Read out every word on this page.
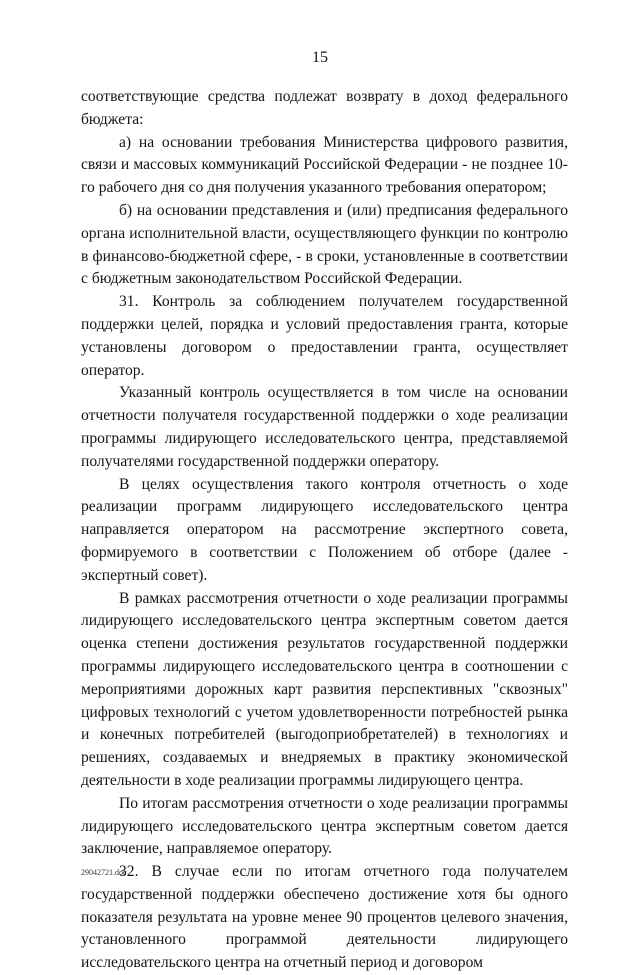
15

соответствующие средства подлежат возврату в доход федерального бюджета:

а) на основании требования Министерства цифрового развития, связи и массовых коммуникаций Российской Федерации - не позднее 10-го рабочего дня со дня получения указанного требования оператором;

б) на основании представления и (или) предписания федерального органа исполнительной власти, осуществляющего функции по контролю в финансово-бюджетной сфере, - в сроки, установленные в соответствии с бюджетным законодательством Российской Федерации.

31. Контроль за соблюдением получателем государственной поддержки целей, порядка и условий предоставления гранта, которые установлены договором о предоставлении гранта, осуществляет оператор.

Указанный контроль осуществляется в том числе на основании отчетности получателя государственной поддержки о ходе реализации программы лидирующего исследовательского центра, представляемой получателями государственной поддержки оператору.

В целях осуществления такого контроля отчетность о ходе реализации программ лидирующего исследовательского центра направляется оператором на рассмотрение экспертного совета, формируемого в соответствии с Положением об отборе (далее - экспертный совет).

В рамках рассмотрения отчетности о ходе реализации программы лидирующего исследовательского центра экспертным советом дается оценка степени достижения результатов государственной поддержки программы лидирующего исследовательского центра в соотношении с мероприятиями дорожных карт развития перспективных "сквозных" цифровых технологий с учетом удовлетворенности потребностей рынка и конечных потребителей (выгодоприобретателей) в технологиях и решениях, создаваемых и внедряемых в практику экономической деятельности в ходе реализации программы лидирующего центра.

По итогам рассмотрения отчетности о ходе реализации программы лидирующего исследовательского центра экспертным советом дается заключение, направляемое оператору.

32. В случае если по итогам отчетного года получателем государственной поддержки обеспечено достижение хотя бы одного показателя результата на уровне менее 90 процентов целевого значения, установленного программой деятельности лидирующего исследовательского центра на отчетный период и договором

29042721.doc
